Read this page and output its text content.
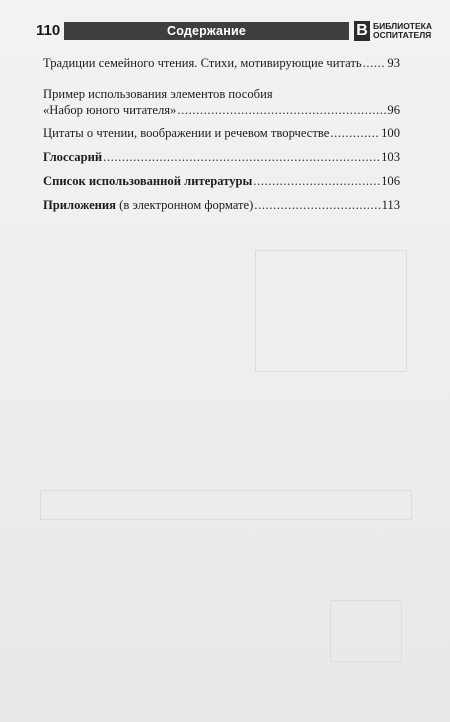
110	Содержание	В БИБЛИОТЕКА
ОСПИТАТЕЛЯ
Традиции семейного чтения. Стихи, мотивирующие читать ..... 93
Пример использования элементов пособия
«Набор юного читателя» .....	96
Цитаты о чтении, воображении и речевом творчестве .....	100
Глоссарий .....	103
Список использованной литературы .....	106
Приложения (в электронном формате) .....	113
